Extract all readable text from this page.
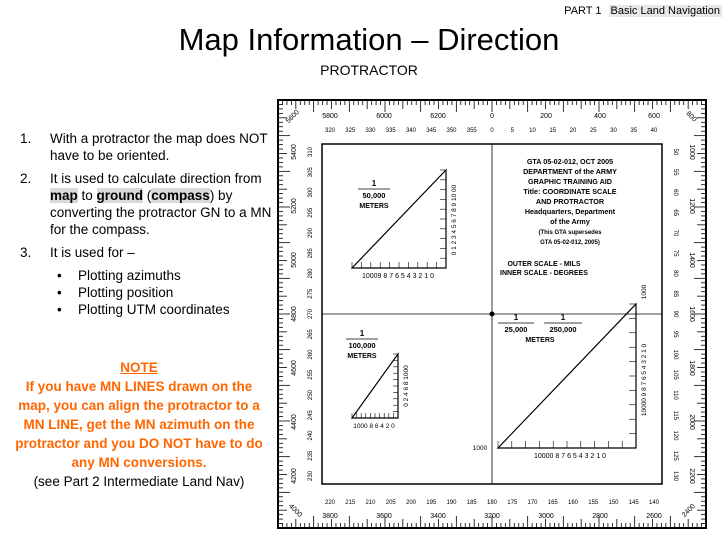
PART 1 Basic Land Navigation
Map Information – Direction
PROTRACTOR
1. With a protractor the map does NOT have to be oriented.
2. It is used to calculate direction from map to ground (compass) by converting the protractor GN to a MN for the compass.
3. It is used for –
• Plotting azimuths
• Plotting position
• Plotting UTM coordinates
NOTE
If you have MN LINES drawn on the map, you can align the protractor to a MN LINE, get the MN azimuth on the protractor and you DO NOT have to do any MN conversions.
(see Part 2 Intermediate Land Nav)
5800	6000	6200	0	200	400	600
320 325 330 335 340 345 350 355 0	5	10 15 20 25 30 35 40
3800	3600	3400	3200	3000	2800	2600
220 215 210 205 200 195 190 185 180 175 170 165 160 155 150 145 140
5400
5200
5000
4800
4600
4400
4200
310
305
300
295
290
285
280
275
270
265
260
255
250
245
240
235
230
1000
1200
1400
1600
1800
2000
2200
50
55
60
65
70
75
80
85
90
95
100
105
110
115
120
125
130
5600	800
4000	2400
1
50,000
METERS
10009 8 7 6 5 4 3 2 1 0
0 1 2 3 4 5 6 7 8 9 10 00
1
100,000
METERS
1000 8 6 4 2 0
0 2 4 6 8 1000
1
25,000
1
250,000
METERS
1000
10000 8 7 6 5 4 3 2 1 0
1000
10000 9 8 7 6 5 4 3 2 1 0
GTA 05-02-012, OCT 2005
DEPARTMENT of the ARMY
GRAPHIC TRAINING AID
Title: COORDINATE SCALE
AND PROTRACTOR
Headquarters, Department
of the Army
(This GTA supersedes
GTA 05-02-012, 2005)
OUTER SCALE - MILS
INNER SCALE - DEGREES
